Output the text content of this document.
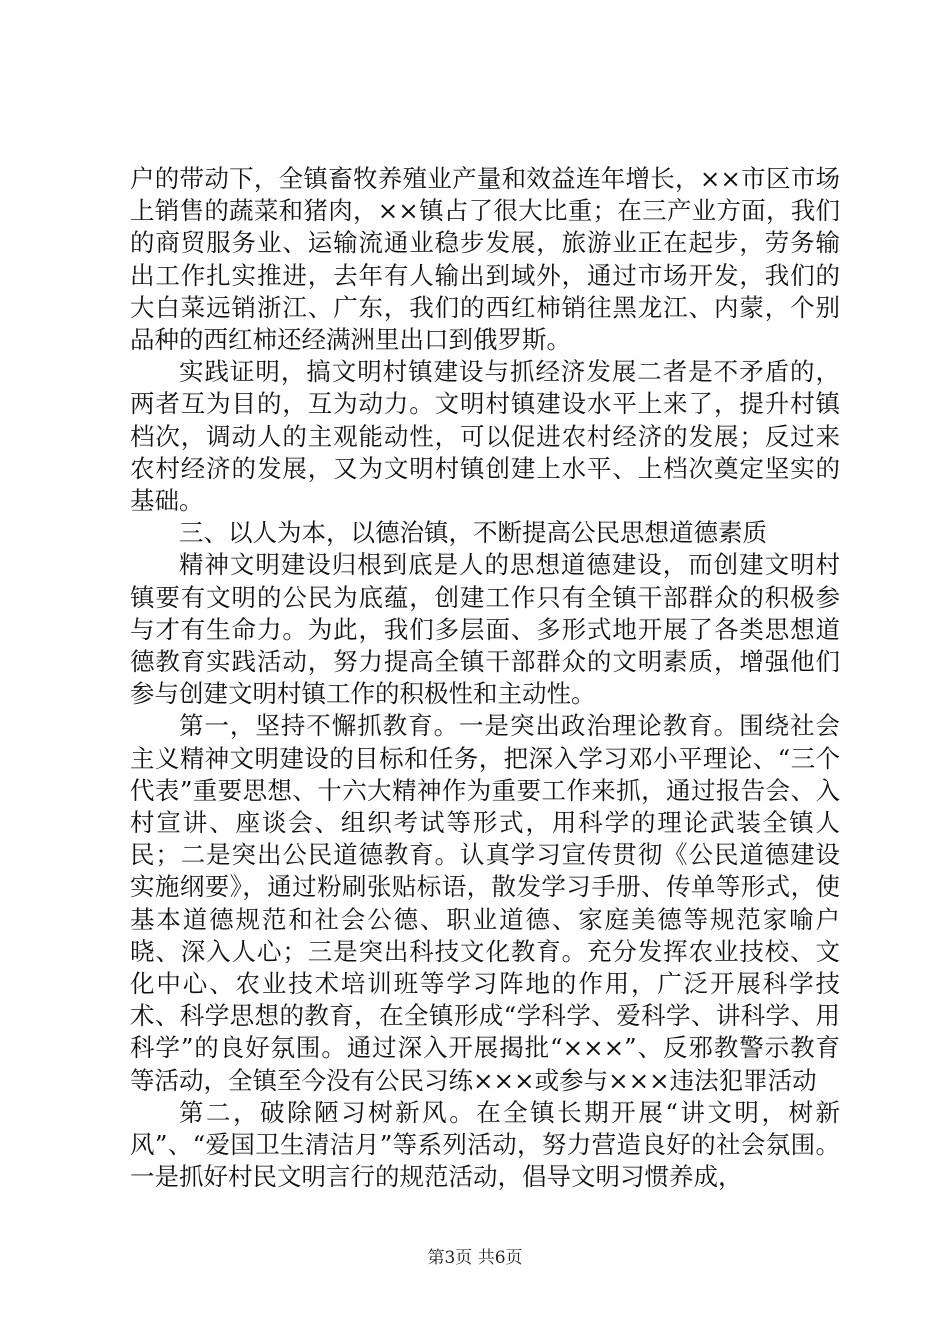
户的带动下，全镇畜牧养殖业产量和效益连年增长，××市区市场上销售的蔬菜和猪肉，××镇占了很大比重；在三产业方面，我们的商贸服务业、运输流通业稳步发展，旅游业正在起步，劳务输出工作扎实推进，去年有人输出到域外，通过市场开发，我们的大白菜远销浙江、广东，我们的西红柿销往黑龙江、内蒙，个别品种的西红柿还经满洲里出口到俄罗斯。

实践证明，搞文明村镇建设与抓经济发展二者是不矛盾的，两者互为目的，互为动力。文明村镇建设水平上来了，提升村镇档次，调动人的主观能动性，可以促进农村经济的发展；反过来农村经济的发展，又为文明村镇创建上水平、上档次奠定坚实的基础。

三、以人为本，以德治镇，不断提高公民思想道德素质

精神文明建设归根到底是人的思想道德建设，而创建文明村镇要有文明的公民为底蕴，创建工作只有全镇干部群众的积极参与才有生命力。为此，我们多层面、多形式地开展了各类思想道德教育实践活动，努力提高全镇干部群众的文明素质，增强他们参与创建文明村镇工作的积极性和主动性。

第一，坚持不懈抓教育。一是突出政治理论教育。围绕社会主义精神文明建设的目标和任务，把深入学习邓小平理论、“三个代表”重要思想、十六大精神作为重要工作来抓，通过报告会、入村宣讲、座谈会、组织考试等形式，用科学的理论武装全镇人民；二是突出公民道德教育。认真学习宣传贯彻《公民道德建设实施纲要》，通过粉刷张贴标语，散发学习手册、传单等形式，使基本道德规范和社会公德、职业道德、家庭美德等规范家喻户晓、深入人心；三是突出科技文化教育。充分发挥农业技校、文化中心、农业技术培训班等学习阵地的作用，广泛开展科学技术、科学思想的教育，在全镇形成“学科学、爱科学、讲科学、用科学”的良好氛围。通过深入开展揭批“×××”、反邪教警示教育等活动，全镇至今没有公民习练×××或参与×××违法犯罪活动

第二，破除陋习树新风。在全镇长期开展“讲文明，树新风”、“爱国卫生清洁月”等系列活动，努力营造良好的社会氛围。一是抓好村民文明言行的规范活动，倡导文明习惯养成，

第3页 共6页
